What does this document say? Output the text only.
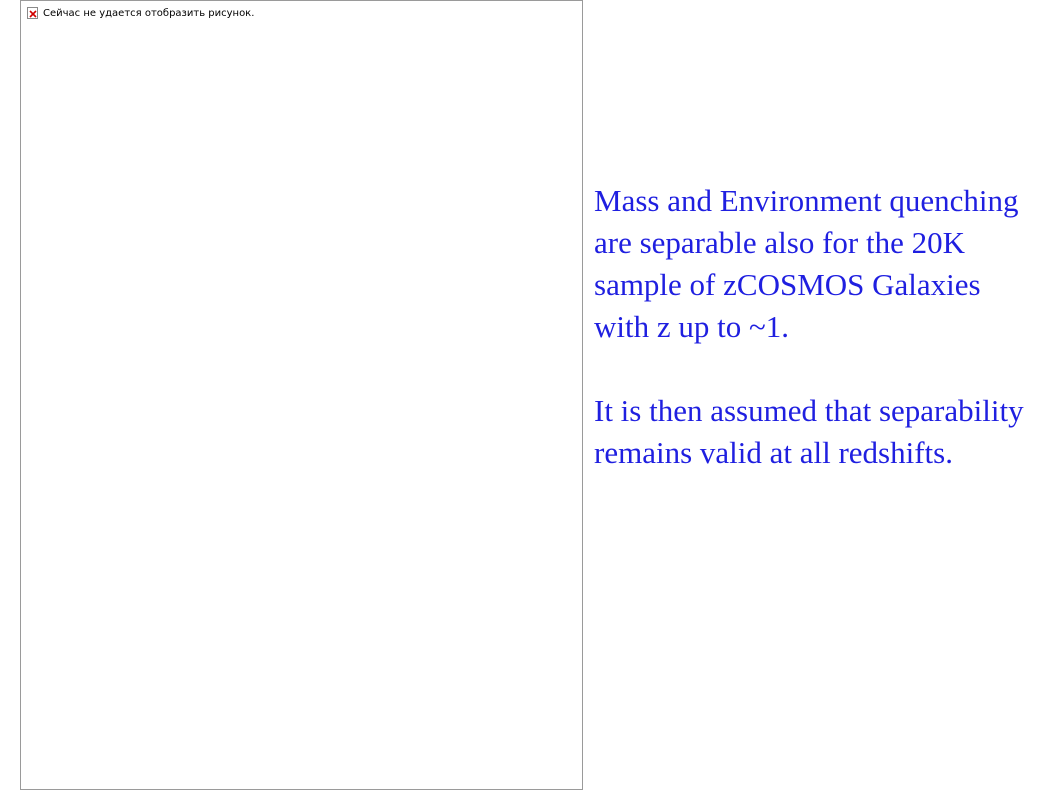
Сейчас не удается отобразить рисунок.

Mass and Environment quenching are separable also for the 20K sample of zCOSMOS Galaxies with z up to ~1.

It is then assumed that separability remains valid at all redshifts.
